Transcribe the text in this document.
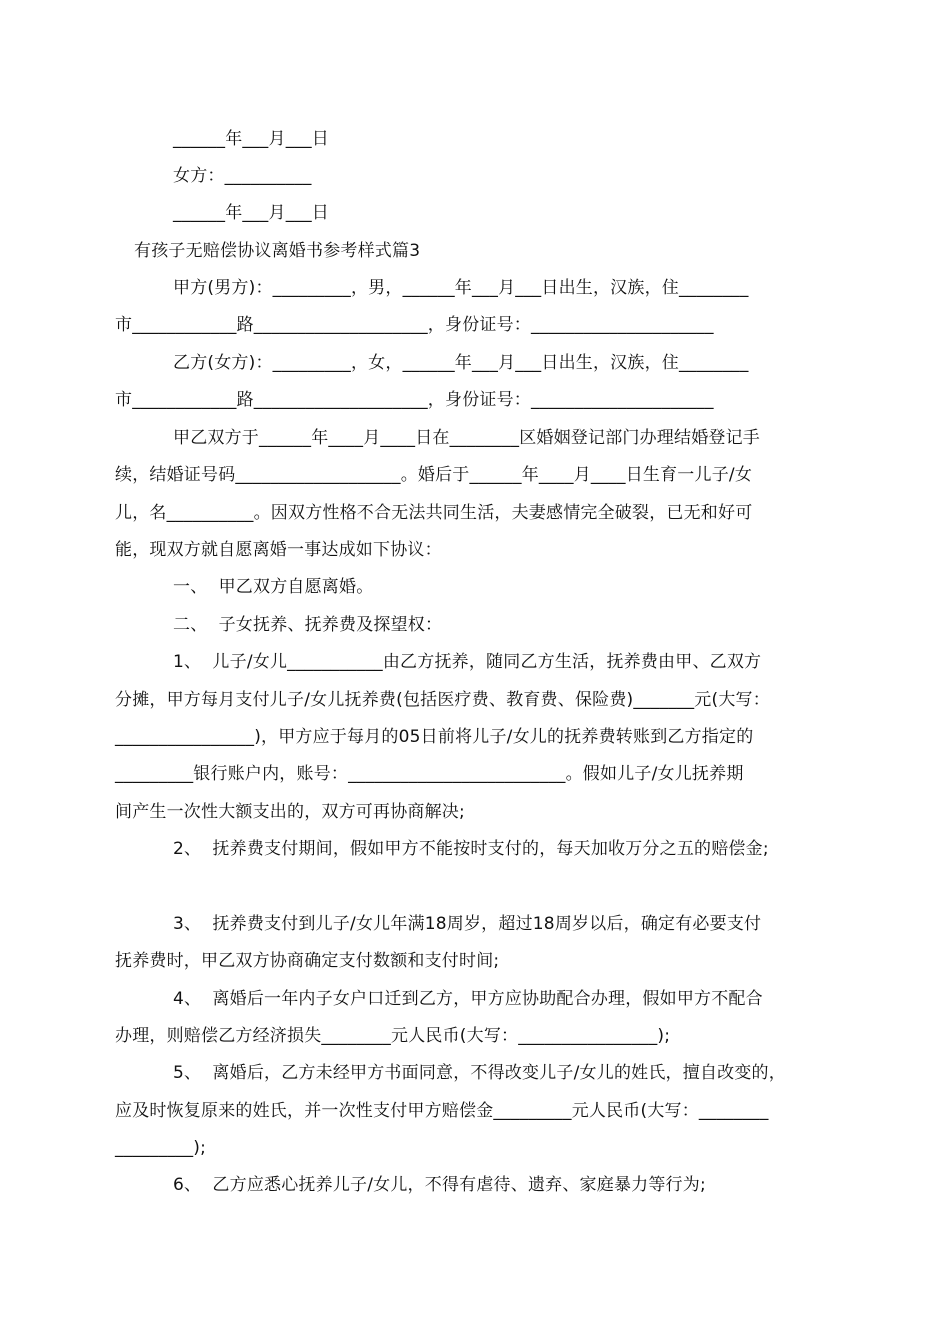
______年___月___日
女方：__________
______年___月___日
有孩子无赔偿协议离婚书参考样式篇3
甲方(男方)：_________，男，______年___月___日出生，汉族，住________
市____________路____________________，身份证号：_____________________
乙方(女方)：_________，女，______年___月___日出生，汉族，住________
市____________路____________________，身份证号：_____________________
甲乙双方于______年____月____日在________区婚姻登记部门办理结婚登记手
续，结婚证号码___________________。婚后于______年____月____日生育一儿子/女
儿，名__________。因双方性格不合无法共同生活，夫妻感情完全破裂，已无和好可
能，现双方就自愿离婚一事达成如下协议：
一、  甲乙双方自愿离婚。
二、  子女抚养、抚养费及探望权：
1、  儿子/女儿___________由乙方抚养，随同乙方生活，抚养费由甲、乙双方
分摊，甲方每月支付儿子/女儿抚养费(包括医疗费、教育费、保险费)_______元(大写：
________________)，甲方应于每月的05日前将儿子/女儿的抚养费转账到乙方指定的
_________银行账户内，账号：_________________________。假如儿子/女儿抚养期
间产生一次性大额支出的，双方可再协商解决;
2、  抚养费支付期间，假如甲方不能按时支付的，每天加收万分之五的赔偿金;
3、  抚养费支付到儿子/女儿年满18周岁，超过18周岁以后，确定有必要支付
抚养费时，甲乙双方协商确定支付数额和支付时间;
4、  离婚后一年内子女户口迁到乙方，甲方应协助配合办理，假如甲方不配合
办理，则赔偿乙方经济损失________元人民币(大写：________________);
5、  离婚后，乙方未经甲方书面同意，不得改变儿子/女儿的姓氏，擅自改变的，
应及时恢复原来的姓氏，并一次性支付甲方赔偿金_________元人民币(大写：________
_________);
6、  乙方应悉心抚养儿子/女儿，不得有虐待、遗弃、家庭暴力等行为;
